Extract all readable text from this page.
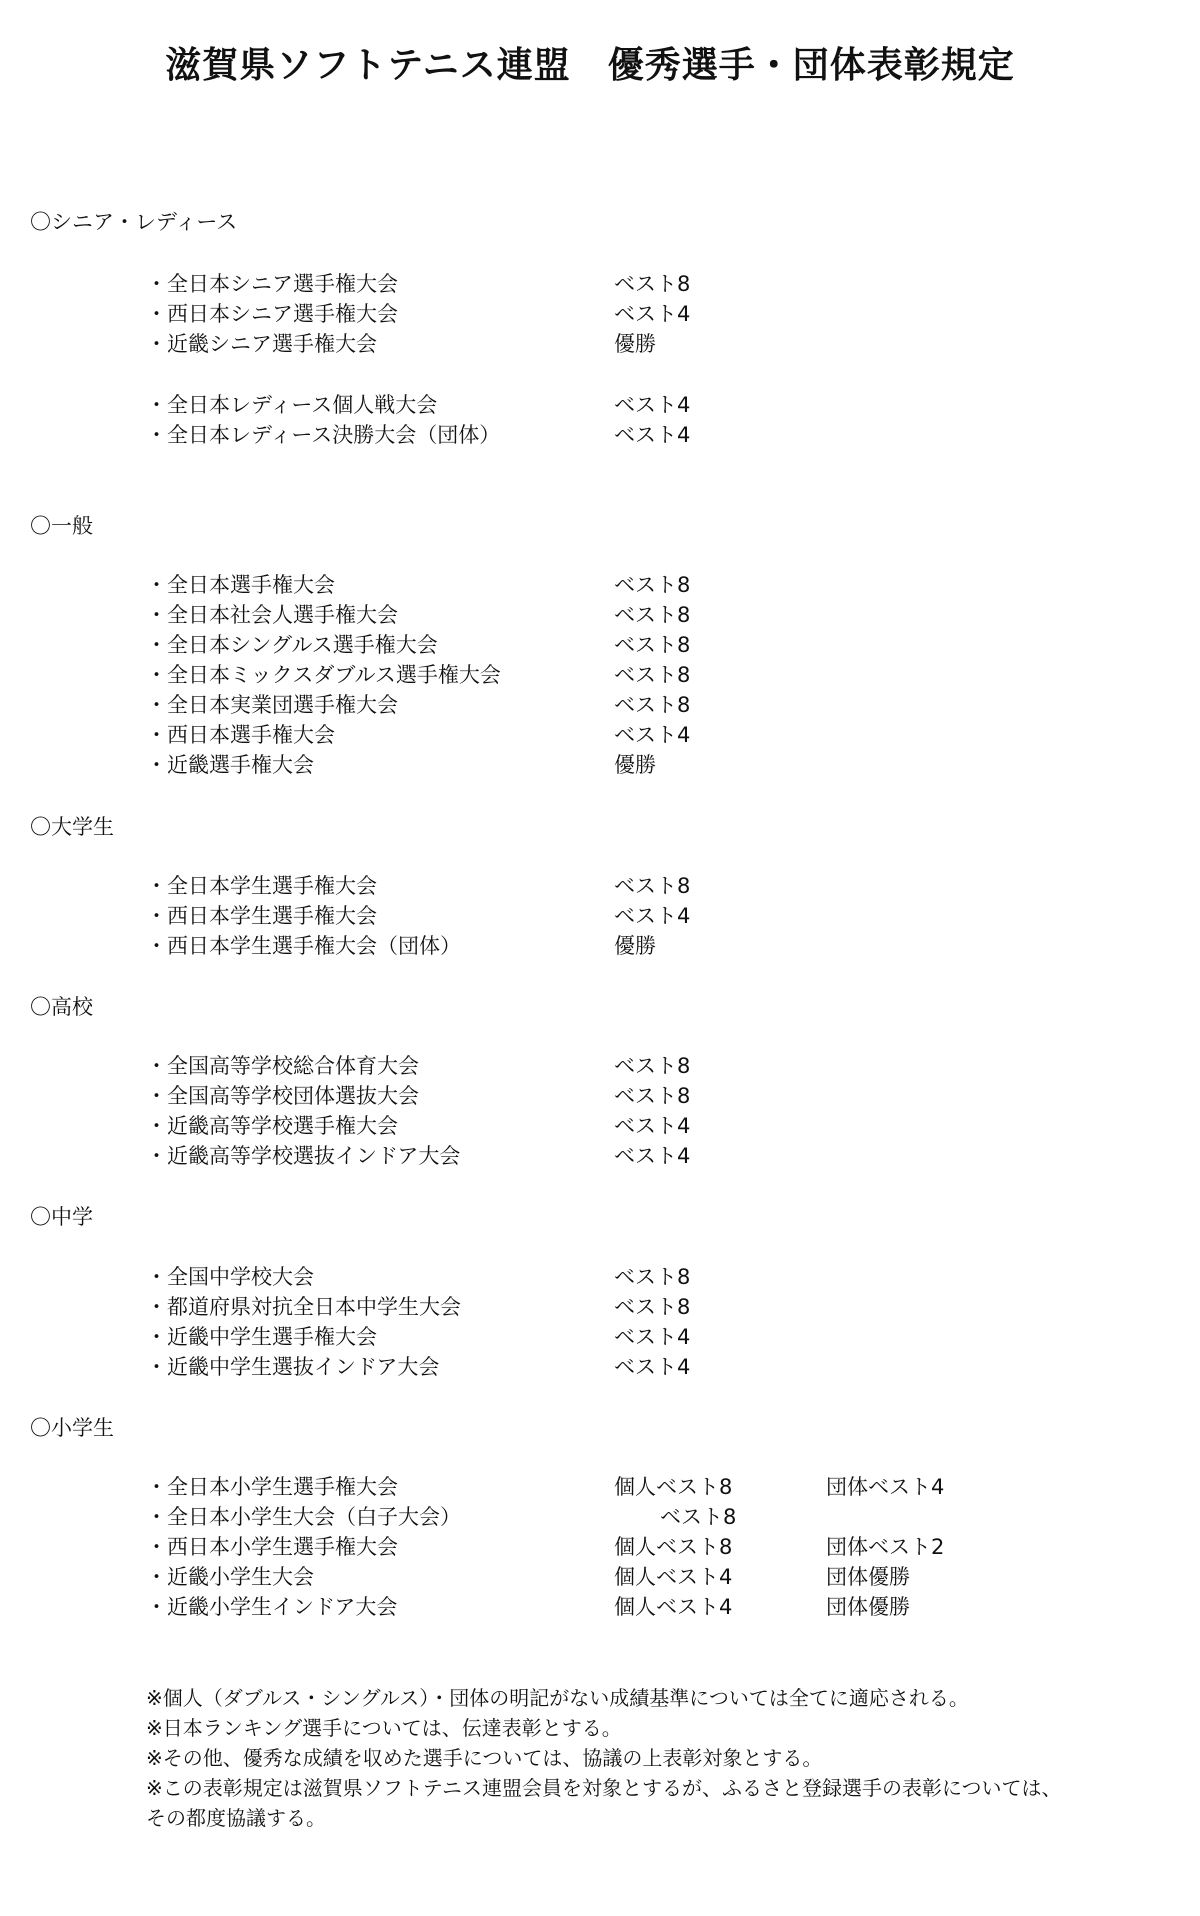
滋賀県ソフトテニス連盟　優秀選手・団体表彰規定
〇シニア・レディース
・全日本シニア選手権大会	ベスト8
・西日本シニア選手権大会	ベスト4
・近畿シニア選手権大会	優勝
・全日本レディース個人戦大会	ベスト4
・全日本レディース決勝大会（団体）	ベスト4
〇一般
・全日本選手権大会	ベスト8
・全日本社会人選手権大会	ベスト8
・全日本シングルス選手権大会	ベスト8
・全日本ミックスダブルス選手権大会	ベスト8
・全日本実業団選手権大会	ベスト8
・西日本選手権大会	ベスト4
・近畿選手権大会	優勝
〇大学生
・全日本学生選手権大会	ベスト8
・西日本学生選手権大会	ベスト4
・西日本学生選手権大会（団体）	優勝
〇高校
・全国高等学校総合体育大会	ベスト8
・全国高等学校団体選抜大会	ベスト8
・近畿高等学校選手権大会	ベスト4
・近畿高等学校選抜インドア大会	ベスト4
〇中学
・全国中学校大会	ベスト8
・都道府県対抗全日本中学生大会	ベスト8
・近畿中学生選手権大会	ベスト4
・近畿中学生選抜インドア大会	ベスト4
〇小学生
・全日本小学生選手権大会	個人ベスト8	団体ベスト4
・全日本小学生大会（白子大会）	ベスト8
・西日本小学生選手権大会	個人ベスト8	団体ベスト2
・近畿小学生大会	個人ベスト4	団体優勝
・近畿小学生インドア大会	個人ベスト4	団体優勝
※個人（ダブルス・シングルス）・団体の明記がない成績基準については全てに適応される。
※日本ランキング選手については、伝達表彰とする。
※その他、優秀な成績を収めた選手については、協議の上表彰対象とする。
※この表彰規定は滋賀県ソフトテニス連盟会員を対象とするが、ふるさと登録選手の表彰については、
その都度協議する。
